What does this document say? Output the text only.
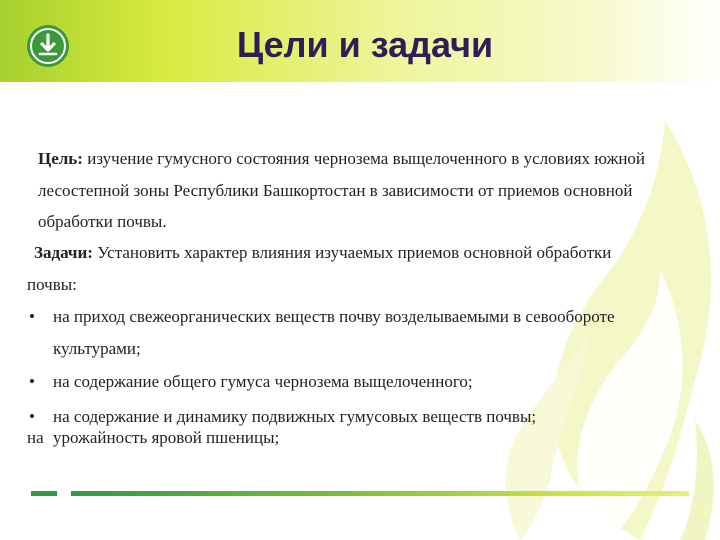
Цели и задачи
Цель: изучение гумусного состояния чернозема выщелоченного в условиях южной
лесостепной зоны Республики Башкортостан в зависимости от приемов основной
обработки почвы.
Задачи: Установить характер влияния изучаемых приемов основной обработки
почвы:
• на приход свежеорганических веществ почву возделываемыми в севообороте
культурами;
• на содержание общего гумуса чернозема выщелоченного;
• на содержание и динамику подвижных гумусовых веществ почвы;
на урожайность яровой пшеницы;
